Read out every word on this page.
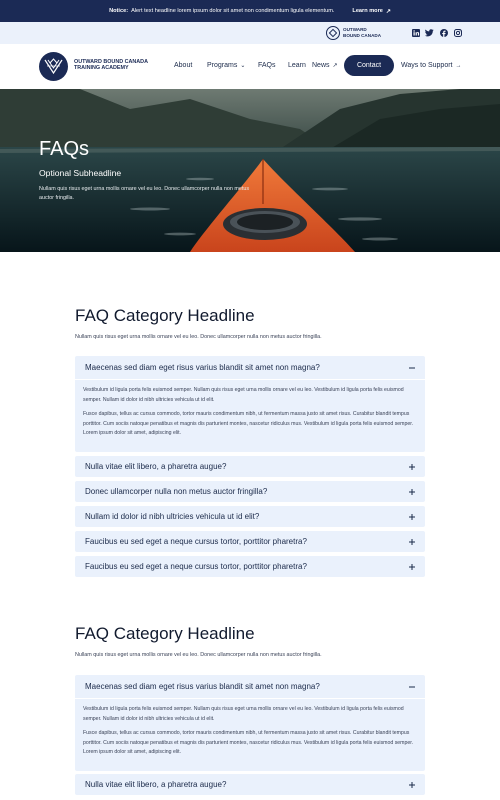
Notice: Alert text headline lorem ipsum dolor sit amet non condimentum ligula elementum.	Learn more ↗
OUTWARD BOUND CANADA
OUTWARD BOUND CANADA TRAINING ACADEMY	About Programs ⌄ FAQs Learn News ↗	Contact	Ways to Support →
FAQs
Optional Subheadline
Nullam quis risus eget urna mollis ornare vel eu leo. Donec ullamcorper nulla non metus auctor fringilla.
FAQ Category Headline
Nullam quis risus eget urna mollis ornare vel eu leo. Donec ullamcorper nulla non metus auctor fringilla.
Maecenas sed diam eget risus varius blandit sit amet non magna?
Vestibulum id ligula porta felis euismod semper. Nullam quis risus eget urna mollis ornare vel eu leo. Vestibulum id ligula porta felis euismod semper. Nullam id dolor id nibh ultricies vehicula ut id elit.
Fusce dapibus, tellus ac cursus commodo, tortor mauris condimentum nibh, ut fermentum massa justo sit amet risus. Curabitur blandit tempus porttitor. Cum sociis natoque penatibus et magnis dis parturient montes, nascetur ridiculus mus. Vestibulum id ligula porta felis euismod semper. Lorem ipsum dolor sit amet, adipiscing elit.
Nulla vitae elit libero, a pharetra augue?
Donec ullamcorper nulla non metus auctor fringilla?
Nullam id dolor id nibh ultricies vehicula ut id elit?
Faucibus eu sed eget a neque cursus tortor, porttitor pharetra?
Faucibus eu sed eget a neque cursus tortor, porttitor pharetra?
FAQ Category Headline
Nullam quis risus eget urna mollis ornare vel eu leo. Donec ullamcorper nulla non metus auctor fringilla.
Maecenas sed diam eget risus varius blandit sit amet non magna?
Vestibulum id ligula porta felis euismod semper. Nullam quis risus eget urna mollis ornare vel eu leo. Vestibulum id ligula porta felis euismod semper. Nullam id dolor id nibh ultricies vehicula ut id elit.
Fusce dapibus, tellus ac cursus commodo, tortor mauris condimentum nibh, ut fermentum massa justo sit amet risus. Curabitur blandit tempus porttitor. Cum sociis natoque penatibus et magnis dis parturient montes, nascetur ridiculus mus. Vestibulum id ligula porta felis euismod semper. Lorem ipsum dolor sit amet, adipiscing elit.
Nulla vitae elit libero, a pharetra augue?
